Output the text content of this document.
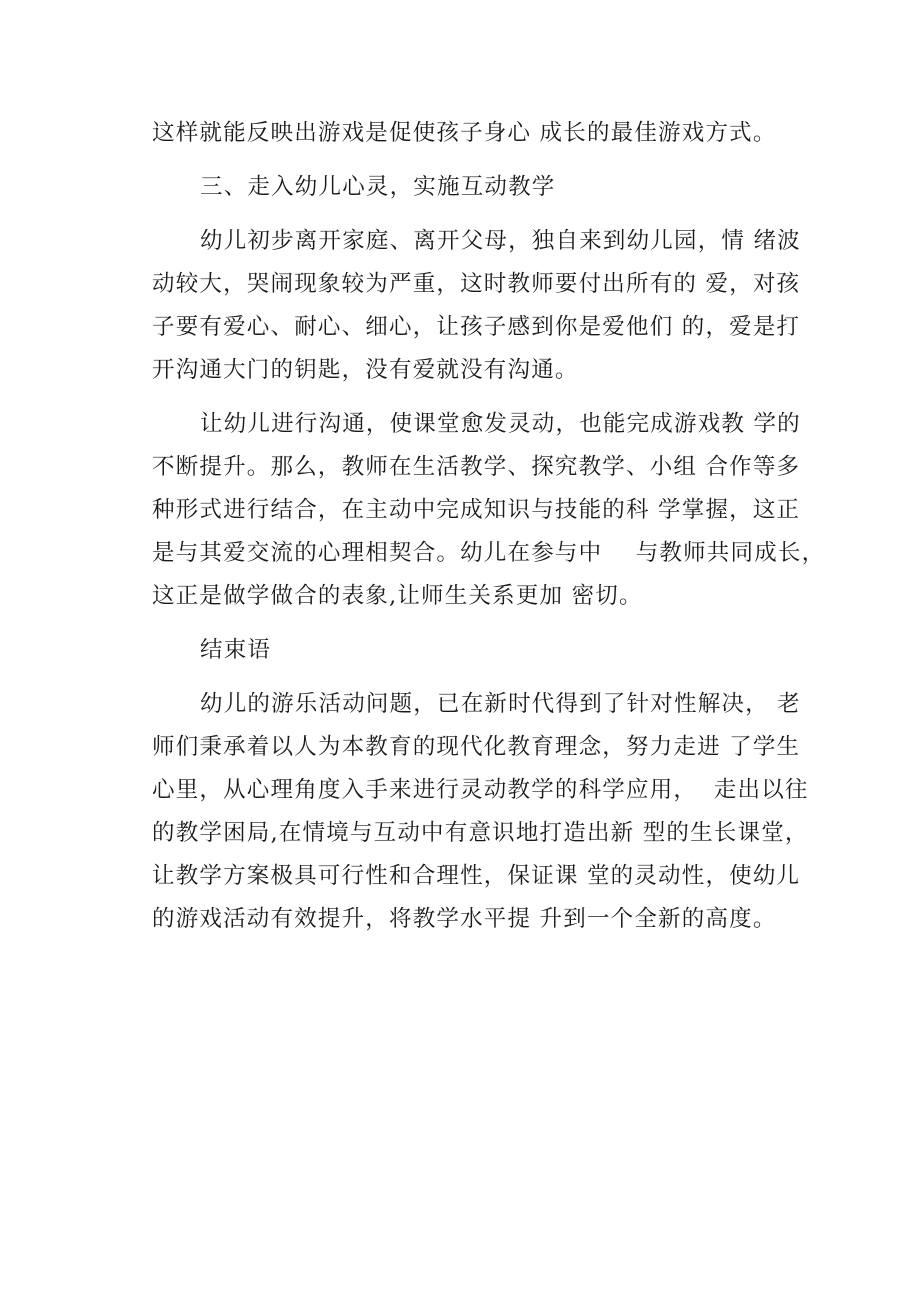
这样就能反映出游戏是促使孩子身心 成长的最佳游戏方式。
三、走入幼儿心灵，实施互动教学
幼儿初步离开家庭、离开父母，独自来到幼儿园，情 绪波
动较大，哭闹现象较为严重，这时教师要付出所有的 爱，对孩
子要有爱心、耐心、细心，让孩子感到你是爱他们 的，爱是打
开沟通大门的钥匙，没有爱就没有沟通。
让幼儿进行沟通，使课堂愈发灵动，也能完成游戏教 学的
不断提升。那么，教师在生活教学、探究教学、小组 合作等多
种形式进行结合，在主动中完成知识与技能的科 学掌握，这正
是与其爱交流的心理相契合。幼儿在参与中    与教师共同成长，
这正是做学做合的表象,让师生关系更加 密切。
结束语
幼儿的游乐活动问题，已在新时代得到了针对性解决， 老
师们秉承着以人为本教育的现代化教育理念，努力走进 了学生
心里，从心理角度入手来进行灵动教学的科学应用，  走出以往
的教学困局,在情境与互动中有意识地打造出新 型的生长课堂，
让教学方案极具可行性和合理性，保证课 堂的灵动性，使幼儿
的游戏活动有效提升，将教学水平提 升到一个全新的高度。
